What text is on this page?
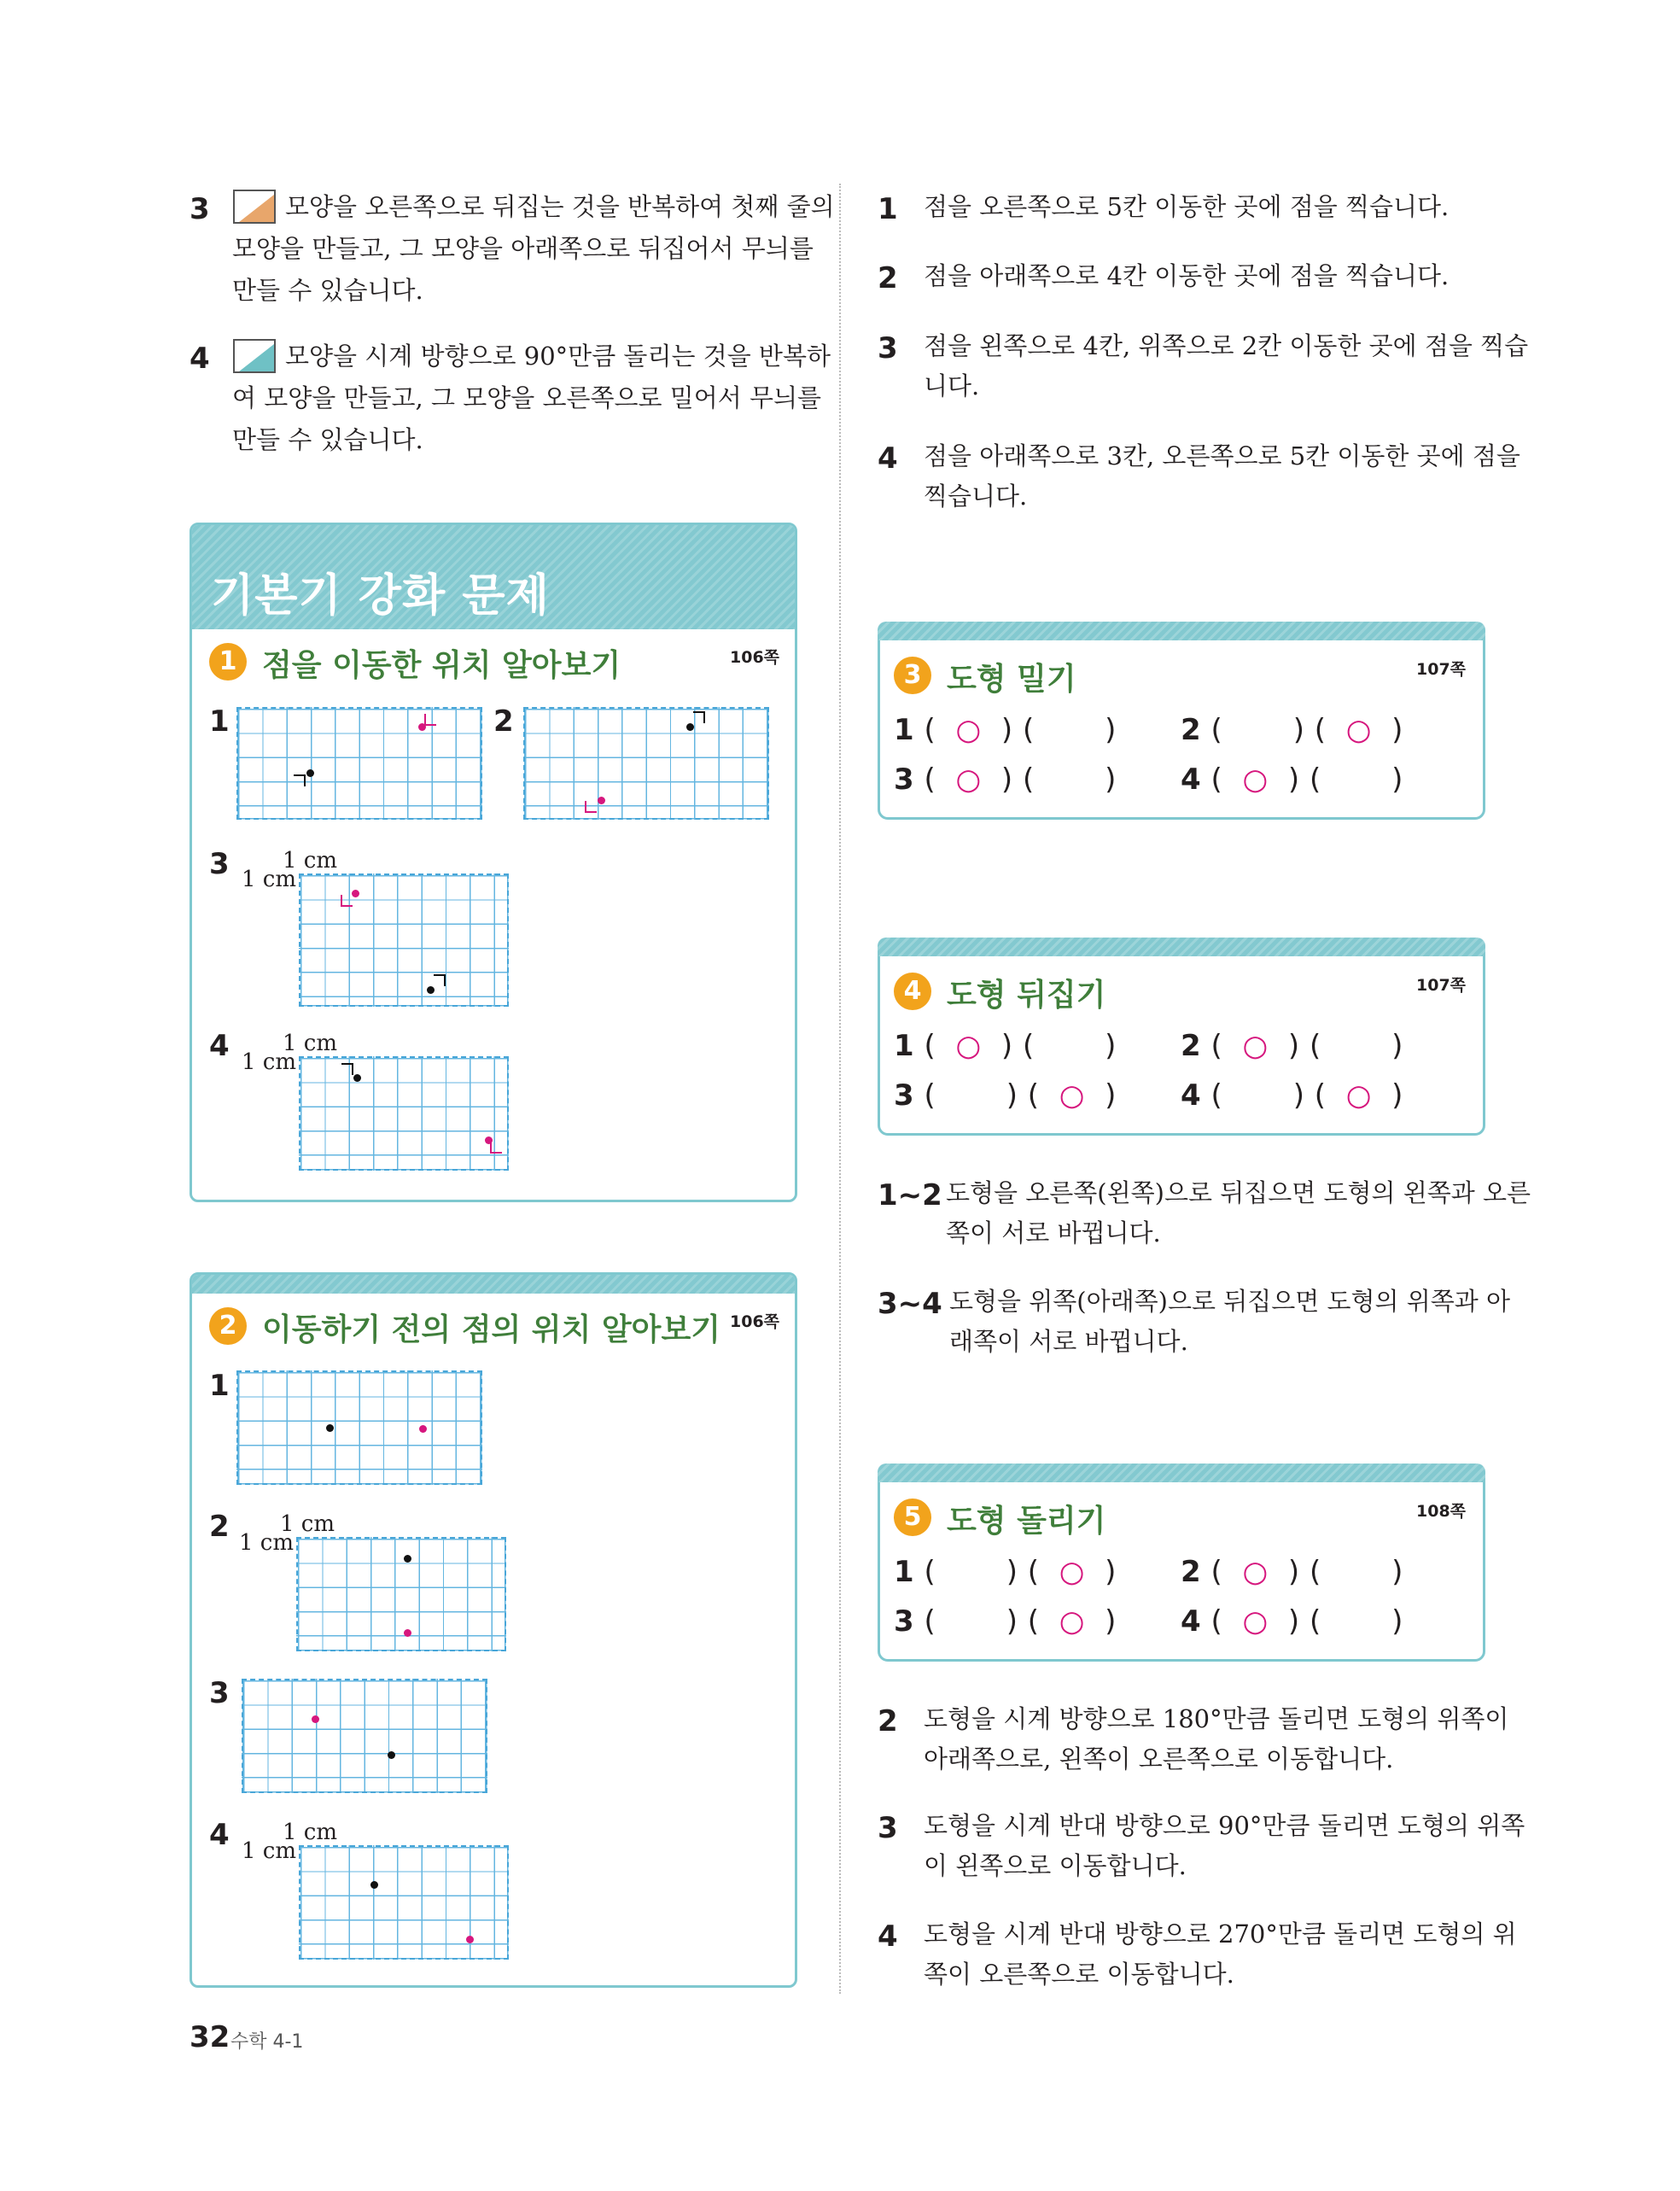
3	모양을 오른쪽으로 뒤집는 것을 반복하여 첫째 줄의
모양을 만들고, 그 모양을 아래쪽으로 뒤집어서 무늬를
만들 수 있습니다.
4	모양을 시계 방향으로 90°만큼 돌리는 것을 반복하
여 모양을 만들고, 그 모양을 오른쪽으로 밀어서 무늬를
만들 수 있습니다.
기본기 강화 문제
1 점을 이동한 위치 알아보기	106쪽
1	2
3 1 cm
1 cm
4 1 cm
1 cm
2 이동하기 전의 점의 위치 알아보기 106쪽
1
2 1 cm
1 cm
3
4 1 cm
1 cm
1 점을 오른쪽으로 5칸 이동한 곳에 점을 찍습니다.
2 점을 아래쪽으로 4칸 이동한 곳에 점을 찍습니다.
3 점을 왼쪽으로 4칸, 위쪽으로 2칸 이동한 곳에 점을 찍습
니다.
4 점을 아래쪽으로 3칸, 오른쪽으로 5칸 이동한 곳에 점을
찍습니다.
3 도형 밀기	107쪽
1 ( ○ ) ( ) 2 ( ) ( ○ )
3 ( ○ ) ( ) 4 ( ○ ) ( )
4 도형 뒤집기	107쪽
1 ( ○ ) ( ) 2 ( ○ ) ( )
3 ( ) ( ○ ) 4 ( ) ( ○ )
1~2 도형을 오른쪽(왼쪽)으로 뒤집으면 도형의 왼쪽과 오른
쪽이 서로 바뀝니다.
3~4 도형을 위쪽(아래쪽)으로 뒤집으면 도형의 위쪽과 아
래쪽이 서로 바뀝니다.
5 도형 돌리기	108쪽
1 ( ) ( ○ ) 2 ( ○ ) ( )
3 ( ) ( ○ ) 4 ( ○ ) ( )
2 도형을 시계 방향으로 180°만큼 돌리면 도형의 위쪽이
아래쪽으로, 왼쪽이 오른쪽으로 이동합니다.
3 도형을 시계 반대 방향으로 90°만큼 돌리면 도형의 위쪽
이 왼쪽으로 이동합니다.
4 도형을 시계 반대 방향으로 270°만큼 돌리면 도형의 위
쪽이 오른쪽으로 이동합니다.
32 수학 4-1
